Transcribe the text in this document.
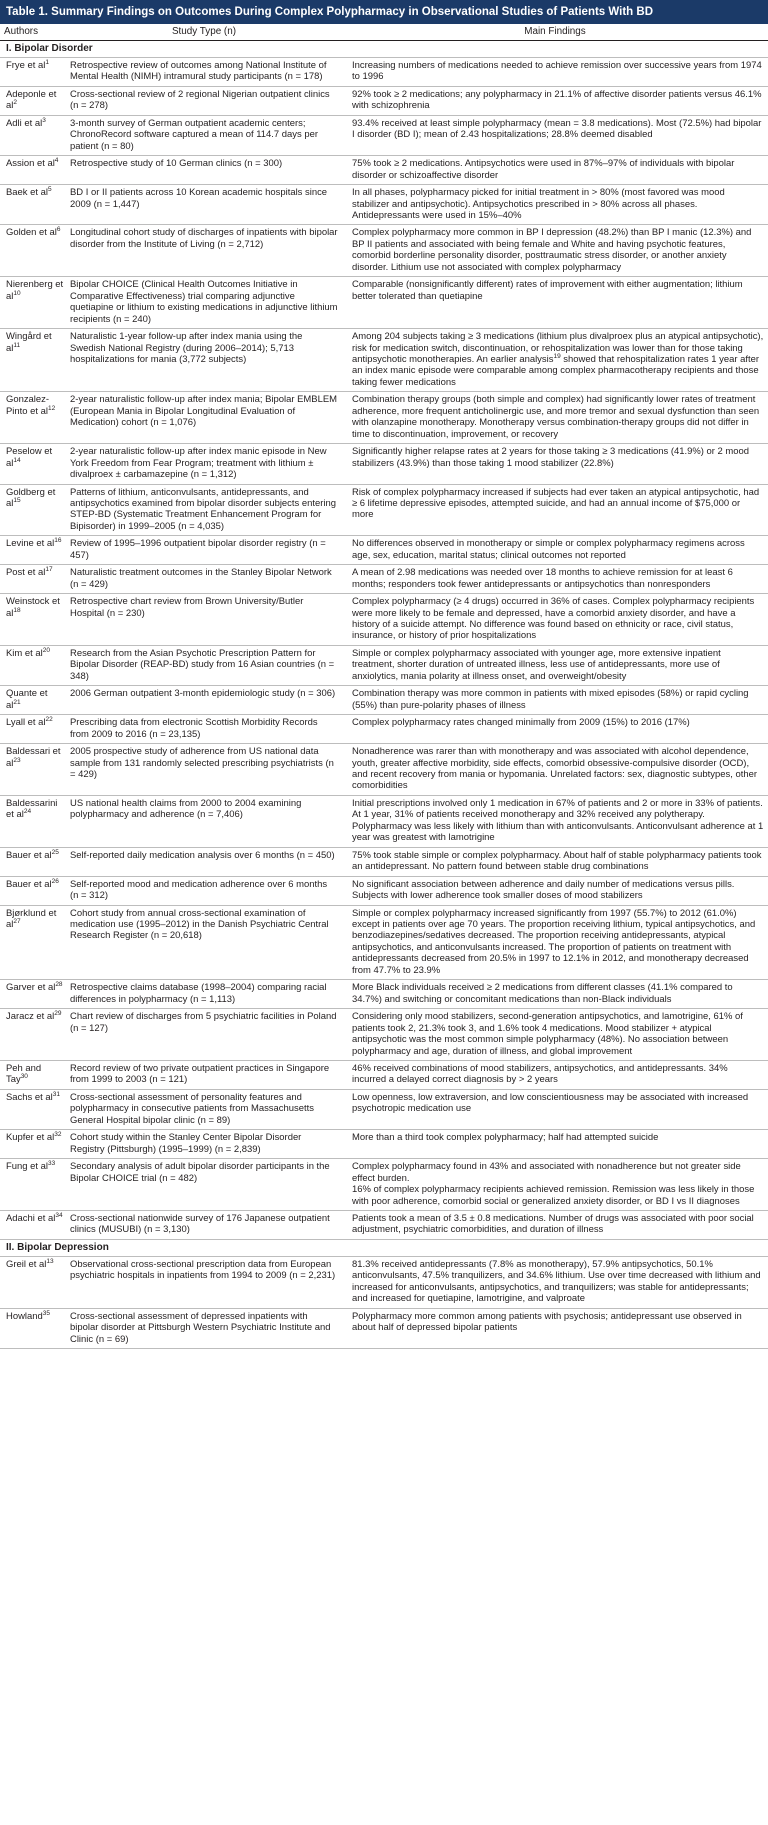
Table 1. Summary Findings on Outcomes During Complex Polypharmacy in Observational Studies of Patients With BD
Authors	Study Type (n)	Main Findings
I. Bipolar Disorder		
Frye et $al^1$	Retrospective review of outcomes among National Institute of Mental Health (NIMH) intramural study participants (n = 178)	Increasing numbers of medications needed to achieve remission over successive years from 1974 to 1996

Adeponle et $al^2$	Cross-sectional review of 2 regional Nigerian outpatient clinics (n = 278)	92% took ≥ 2 medications; any polypharmacy in 21.1% of affective disorder patients versus 46.1% with schizophrenia

Adli et $al^3$	3-month survey of German outpatient academic centers; ChronoRecord software captured a mean of 114.7 days per patient (n = 80)	93.4% received at least simple polypharmacy (mean = 3.8 medications). Most (72.5%) had bipolar I disorder (BD I); mean of 2.43 hospitalizations; 28.8% deemed disabled

Assion et $al^4$	Retrospective study of 10 German clinics (n = 300)	75% took ≥ 2 medications. Antipsychotics were used in 87%–97% of individuals with bipolar disorder or schizoaffective disorder

Baek et $al^5$	BD I or II patients across 10 Korean academic hospitals since 2009 (n = 1,447)	In all phases, polypharmacy picked for initial treatment in > 80% (most favored was mood stabilizer and antipsychotic). Antipsychotics prescribed in > 80% across all phases. Antidepressants were used in 15%–40%

Golden et $al^6$	Longitudinal cohort study of discharges of inpatients with bipolar disorder from the Institute of Living (n = 2,712)	Complex polypharmacy more common in BP I depression (48.2%) than BP I manic (12.3%) and BP II patients and associated with being female and White and having psychotic features, comorbid borderline personality disorder, posttraumatic stress disorder, or another anxiety disorder. Lithium use not associated with complex polypharmacy

Nierenberg et $al^{10}$	Bipolar CHOICE (Clinical Health Outcomes Initiative in Comparative Effectiveness) trial comparing adjunctive quetiapine or lithium to existing medications in adjunctive lithium recipients (n = 240)	Comparable (nonsignificantly different) rates of improvement with either augmentation; lithium better tolerated than quetiapine

Wingård et $al^{11}$	Naturalistic 1-year follow-up after index mania using the Swedish National Registry (during 2006–2014); 5,713 hospitalizations for mania (3,772 subjects)	Among 204 subjects taking ≥ 3 medications (lithium plus divalproex plus an atypical antipsychotic), risk for medication switch, discontinuation, or rehospitalization was lower than for those taking antipsychotic monotherapies. An earlier analysis$^{19}$ showed that rehospitalization rates 1 year after an index manic episode were comparable among complex pharmacotherapy recipients and those taking fewer medications

Gonzalez-Pinto et $al^{12}$	2-year naturalistic follow-up after index mania; Bipolar EMBLEM (European Mania in Bipolar Longitudinal Evaluation of Medication) cohort (n = 1,076)	Combination therapy groups (both simple and complex) had significantly lower rates of treatment adherence, more frequent anticholinergic use, and more tremor and sexual dysfunction than seen with olanzapine monotherapy. Monotherapy versus combination-therapy groups did not differ in time to discontinuation, improvement, or recovery

Peselow et $al^{14}$	2-year naturalistic follow-up after index manic episode in New York Freedom from Fear Program; treatment with lithium ± divalproex ± carbamazepine (n = 1,312)	Significantly higher relapse rates at 2 years for those taking ≥ 3 medications (41.9%) or 2 mood stabilizers (43.9%) than those taking 1 mood stabilizer (22.8%)

Goldberg et $al^{15}$	Patterns of lithium, anticonvulsants, antidepressants, and antipsychotics examined from bipolar disorder subjects entering STEP-BD (Systematic Treatment Enhancement Program for Bipisorder) in 1999–2005 (n = 4,035)	Risk of complex polypharmacy increased if subjects had ever taken an atypical antipsychotic, had ≥ 6 lifetime depressive episodes, attempted suicide, and had an annual income of $75,000 or more

Levine et $al^{16}$	Review of 1995–1996 outpatient bipolar disorder registry (n = 457)	No differences observed in monotherapy or simple or complex polypharmacy regimens across age, sex, education, marital status; clinical outcomes not reported

Post et $al^{17}$	Naturalistic treatment outcomes in the Stanley Bipolar Network (n = 429)	A mean of 2.98 medications was needed over 18 months to achieve remission for at least 6 months; responders took fewer antidepressants or antipsychotics than nonresponders

Weinstock et $al^{18}$	Retrospective chart review from Brown University/Butler Hospital (n = 230)	Complex polypharmacy (≥ 4 drugs) occurred in 36% of cases. Complex polypharmacy recipients were more likely to be female and depressed, have a comorbid anxiety disorder, and have a history of a suicide attempt. No difference was found based on ethnicity or race, civil status, insurance, or history of prior hospitalizations

Kim et $al^{20}$	Research from the Asian Psychotic Prescription Pattern for Bipolar Disorder (REAP-BD) study from 16 Asian countries (n = 348)	Simple or complex polypharmacy associated with younger age, more extensive inpatient treatment, shorter duration of untreated illness, less use of antidepressants, more use of anxiolytics, mania polarity at illness onset, and overweight/obesity

Quante et $al^{21}$	2006 German outpatient 3-month epidemiologic study (n = 306)	Combination therapy was more common in patients with mixed episodes (58%) or rapid cycling (55%) than pure-polarity phases of illness

Lyall et $al^{22}$	Prescribing data from electronic Scottish Morbidity Records from 2009 to 2016 (n = 23,135)	Complex polypharmacy rates changed minimally from 2009 (15%) to 2016 (17%)

Baldessari et $al^{23}$	2005 prospective study of adherence from US national data sample from 131 randomly selected prescribing psychiatrists (n = 429)	Nonadherence was rarer than with monotherapy and was associated with alcohol dependence, youth, greater affective morbidity, side effects, comorbid obsessive-compulsive disorder (OCD), and recent recovery from mania or hypomania. Unrelated factors: sex, diagnostic subtypes, other comorbidities

Baldessarini et $al^{24}$	US national health claims from 2000 to 2004 examining polypharmacy and adherence (n = 7,406)	Initial prescriptions involved only 1 medication in 67% of patients and 2 or more in 33% of patients. At 1 year, 31% of patients received monotherapy and 32% received any polytherapy. Polypharmacy was less likely with lithium than with anticonvulsants. Anticonvulsant adherence at 1 year was greatest with lamotrigine

Bauer et $al^{25}$	Self-reported daily medication analysis over 6 months (n = 450)	75% took stable simple or complex polypharmacy. About half of stable polypharmacy patients took an antidepressant. No pattern found between stable drug combinations

Bauer et $al^{26}$	Self-reported mood and medication adherence over 6 months (n = 312)	No significant association between adherence and daily number of medications versus pills. Subjects with lower adherence took smaller doses of mood stabilizers

Bjørklund et $al^{27}$	Cohort study from annual cross-sectional examination of medication use (1995–2012) in the Danish Psychiatric Central Research Register (n = 20,618)	Simple or complex polypharmacy increased significantly from 1997 (55.7%) to 2012 (61.0%) except in patients over age 70 years. The proportion receiving lithium, typical antipsychotics, and benzodiazepines/sedatives decreased. The proportion receiving antidepressants, atypical antipsychotics, and anticonvulsants increased. The proportion of patients on treatment with antidepressants decreased from 20.5% in 1997 to 12.1% in 2012, and monotherapy decreased from 47.7% to 23.9%

Garver et $al^{28}$	Retrospective claims database (1998–2004) comparing racial differences in polypharmacy (n = 1,113)	More Black individuals received ≥ 2 medications from different classes (41.1% compared to 34.7%) and switching or concomitant medications than non-Black individuals

Jaracz et $al^{29}$	Chart review of discharges from 5 psychiatric facilities in Poland (n = 127)	Considering only mood stabilizers, second-generation antipsychotics, and lamotrigine, 61% of patients took 2, 21.3% took 3, and 1.6% took 4 medications. Mood stabilizer + atypical antipsychotic was the most common simple polypharmacy (48%). No association between polypharmacy and age, duration of illness, and global improvement

Peh and Tay$^{30}$	Record review of two private outpatient practices in Singapore from 1999 to 2003 (n = 121)	46% received combinations of mood stabilizers, antipsychotics, and antidepressants. 34% incurred a delayed correct diagnosis by > 2 years

Sachs et $al^{31}$	Cross-sectional assessment of personality features and polypharmacy in consecutive patients from Massachusetts General Hospital bipolar clinic (n = 89)	Low openness, low extraversion, and low conscientiousness may be associated with increased psychotropic medication use

Kupfer et $al^{32}$	Cohort study within the Stanley Center Bipolar Disorder Registry (Pittsburgh) (1995–1999) (n = 2,839)	More than a third took complex polypharmacy; half had attempted suicide

Fung et $al^{33}$	Secondary analysis of adult bipolar disorder participants in the Bipolar CHOICE trial (n = 482)	Complex polypharmacy found in 43% and associated with nonadherence but not greater side effect burden.
16% of complex polypharmacy recipients achieved remission. Remission was less likely in those with poor adherence, comorbid social or generalized anxiety disorder, or BD I vs II diagnoses

Adachi et $al^{34}$	Cross-sectional nationwide survey of 176 Japanese outpatient clinics (MUSUBI) (n = 3,130)	Patients took a mean of 3.5 ± 0.8 medications. Number of drugs was associated with poor social adjustment, psychiatric comorbidities, and duration of illness

II. Bipolar Depression		
Greil et $al^{13}$	Observational cross-sectional prescription data from European psychiatric hospitals in inpatients from 1994 to 2009 (n = 2,231)	81.3% received antidepressants (7.8% as monotherapy), 57.9% antipsychotics, 50.1% anticonvulsants, 47.5% tranquilizers, and 34.6% lithium. Use over time decreased with lithium and increased for anticonvulsants, antipsychotics, and tranquilizers; was stable for antidepressants; and increased for quetiapine, lamotrigine, and valproate

Howland$^{35}$	Cross-sectional assessment of depressed inpatients with bipolar disorder at Pittsburgh Western Psychiatric Institute and Clinic (n = 69)	Polypharmacy more common among patients with psychosis; antidepressant use observed in about half of depressed bipolar patients
